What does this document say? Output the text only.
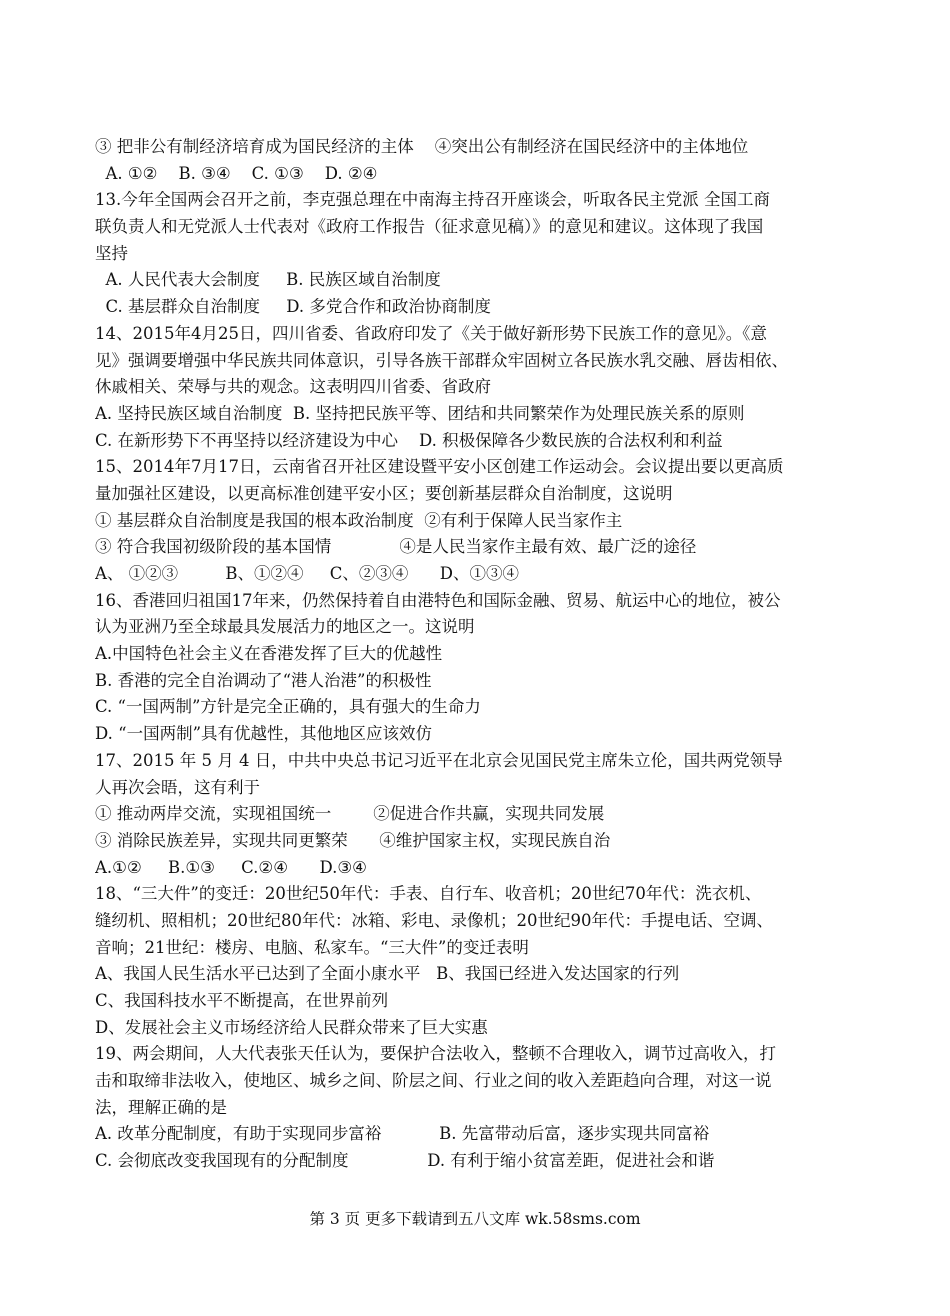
③ 把非公有制经济培育成为国民经济的主体    ④突出公有制经济在国民经济中的主体地位
A. ①②    B. ③④    C. ①③    D. ②④
13.今年全国两会召开之前，李克强总理在中南海主持召开座谈会，听取各民主党派 全国工商
联负责人和无党派人士代表对《政府工作报告（征求意见稿）》的意见和建议。这体现了我国
坚持
A. 人民代表大会制度     B. 民族区域自治制度
C. 基层群众自治制度     D. 多党合作和政治协商制度
14、2015年4月25日，四川省委、省政府印发了《关于做好新形势下民族工作的意见》。《意
见》强调要增强中华民族共同体意识，引导各族干部群众牢固树立各民族水乳交融、唇齿相依、
休戚相关、荣辱与共的观念。这表明四川省委、省政府
A. 坚持民族区域自治制度  B. 坚持把民族平等、团结和共同繁荣作为处理民族关系的原则
C. 在新形势下不再坚持以经济建设为中心    D. 积极保障各少数民族的合法权利和利益
15、2014年7月17日，云南省召开社区建设暨平安小区创建工作运动会。会议提出要以更高质
量加强社区建设，以更高标准创建平安小区；要创新基层群众自治制度，这说明
① 基层群众自治制度是我国的根本政治制度  ②有利于保障人民当家作主
③ 符合我国初级阶段的基本国情             ④是人民当家作主最有效、最广泛的途径
A、 ①②③         B、①②④     C、②③④      D、①③④
16、香港回归祖国17年来，仍然保持着自由港特色和国际金融、贸易、航运中心的地位，被公
认为亚洲乃至全球最具发展活力的地区之一。这说明
A.中国特色社会主义在香港发挥了巨大的优越性
B. 香港的完全自治调动了“港人治港”的积极性
C. “一国两制”方针是完全正确的，具有强大的生命力
D. “一国两制”具有优越性，其他地区应该效仿
17、2015 年 5 月 4 日，中共中央总书记习近平在北京会见国民党主席朱立伦，国共两党领导
人再次会晤，这有利于
① 推动两岸交流，实现祖国统一        ②促进合作共赢，实现共同发展
③ 消除民族差异，实现共同更繁荣      ④维护国家主权，实现民族自治
A.①②     B.①③     C.②④      D.③④
18、“三大件”的变迁：20世纪50年代：手表、自行车、收音机；20世纪70年代：洗衣机、
缝纫机、照相机；20世纪80年代：冰箱、彩电、录像机；20世纪90年代：手提电话、空调、
音响；21世纪：楼房、电脑、私家车。“三大件”的变迁表明
A、我国人民生活水平已达到了全面小康水平   B、我国已经进入发达国家的行列
C、我国科技水平不断提高，在世界前列
D、发展社会主义市场经济给人民群众带来了巨大实惠
19、两会期间，人大代表张天任认为，要保护合法收入，整顿不合理收入，调节过高收入，打
击和取缔非法收入，使地区、城乡之间、阶层之间、行业之间的收入差距趋向合理，对这一说
法，理解正确的是
A. 改革分配制度，有助于实现同步富裕           B. 先富带动后富，逐步实现共同富裕
C. 会彻底改变我国现有的分配制度               D. 有利于缩小贫富差距，促进社会和谐
第 3 页 更多下载请到五八文库 wk.58sms.com
